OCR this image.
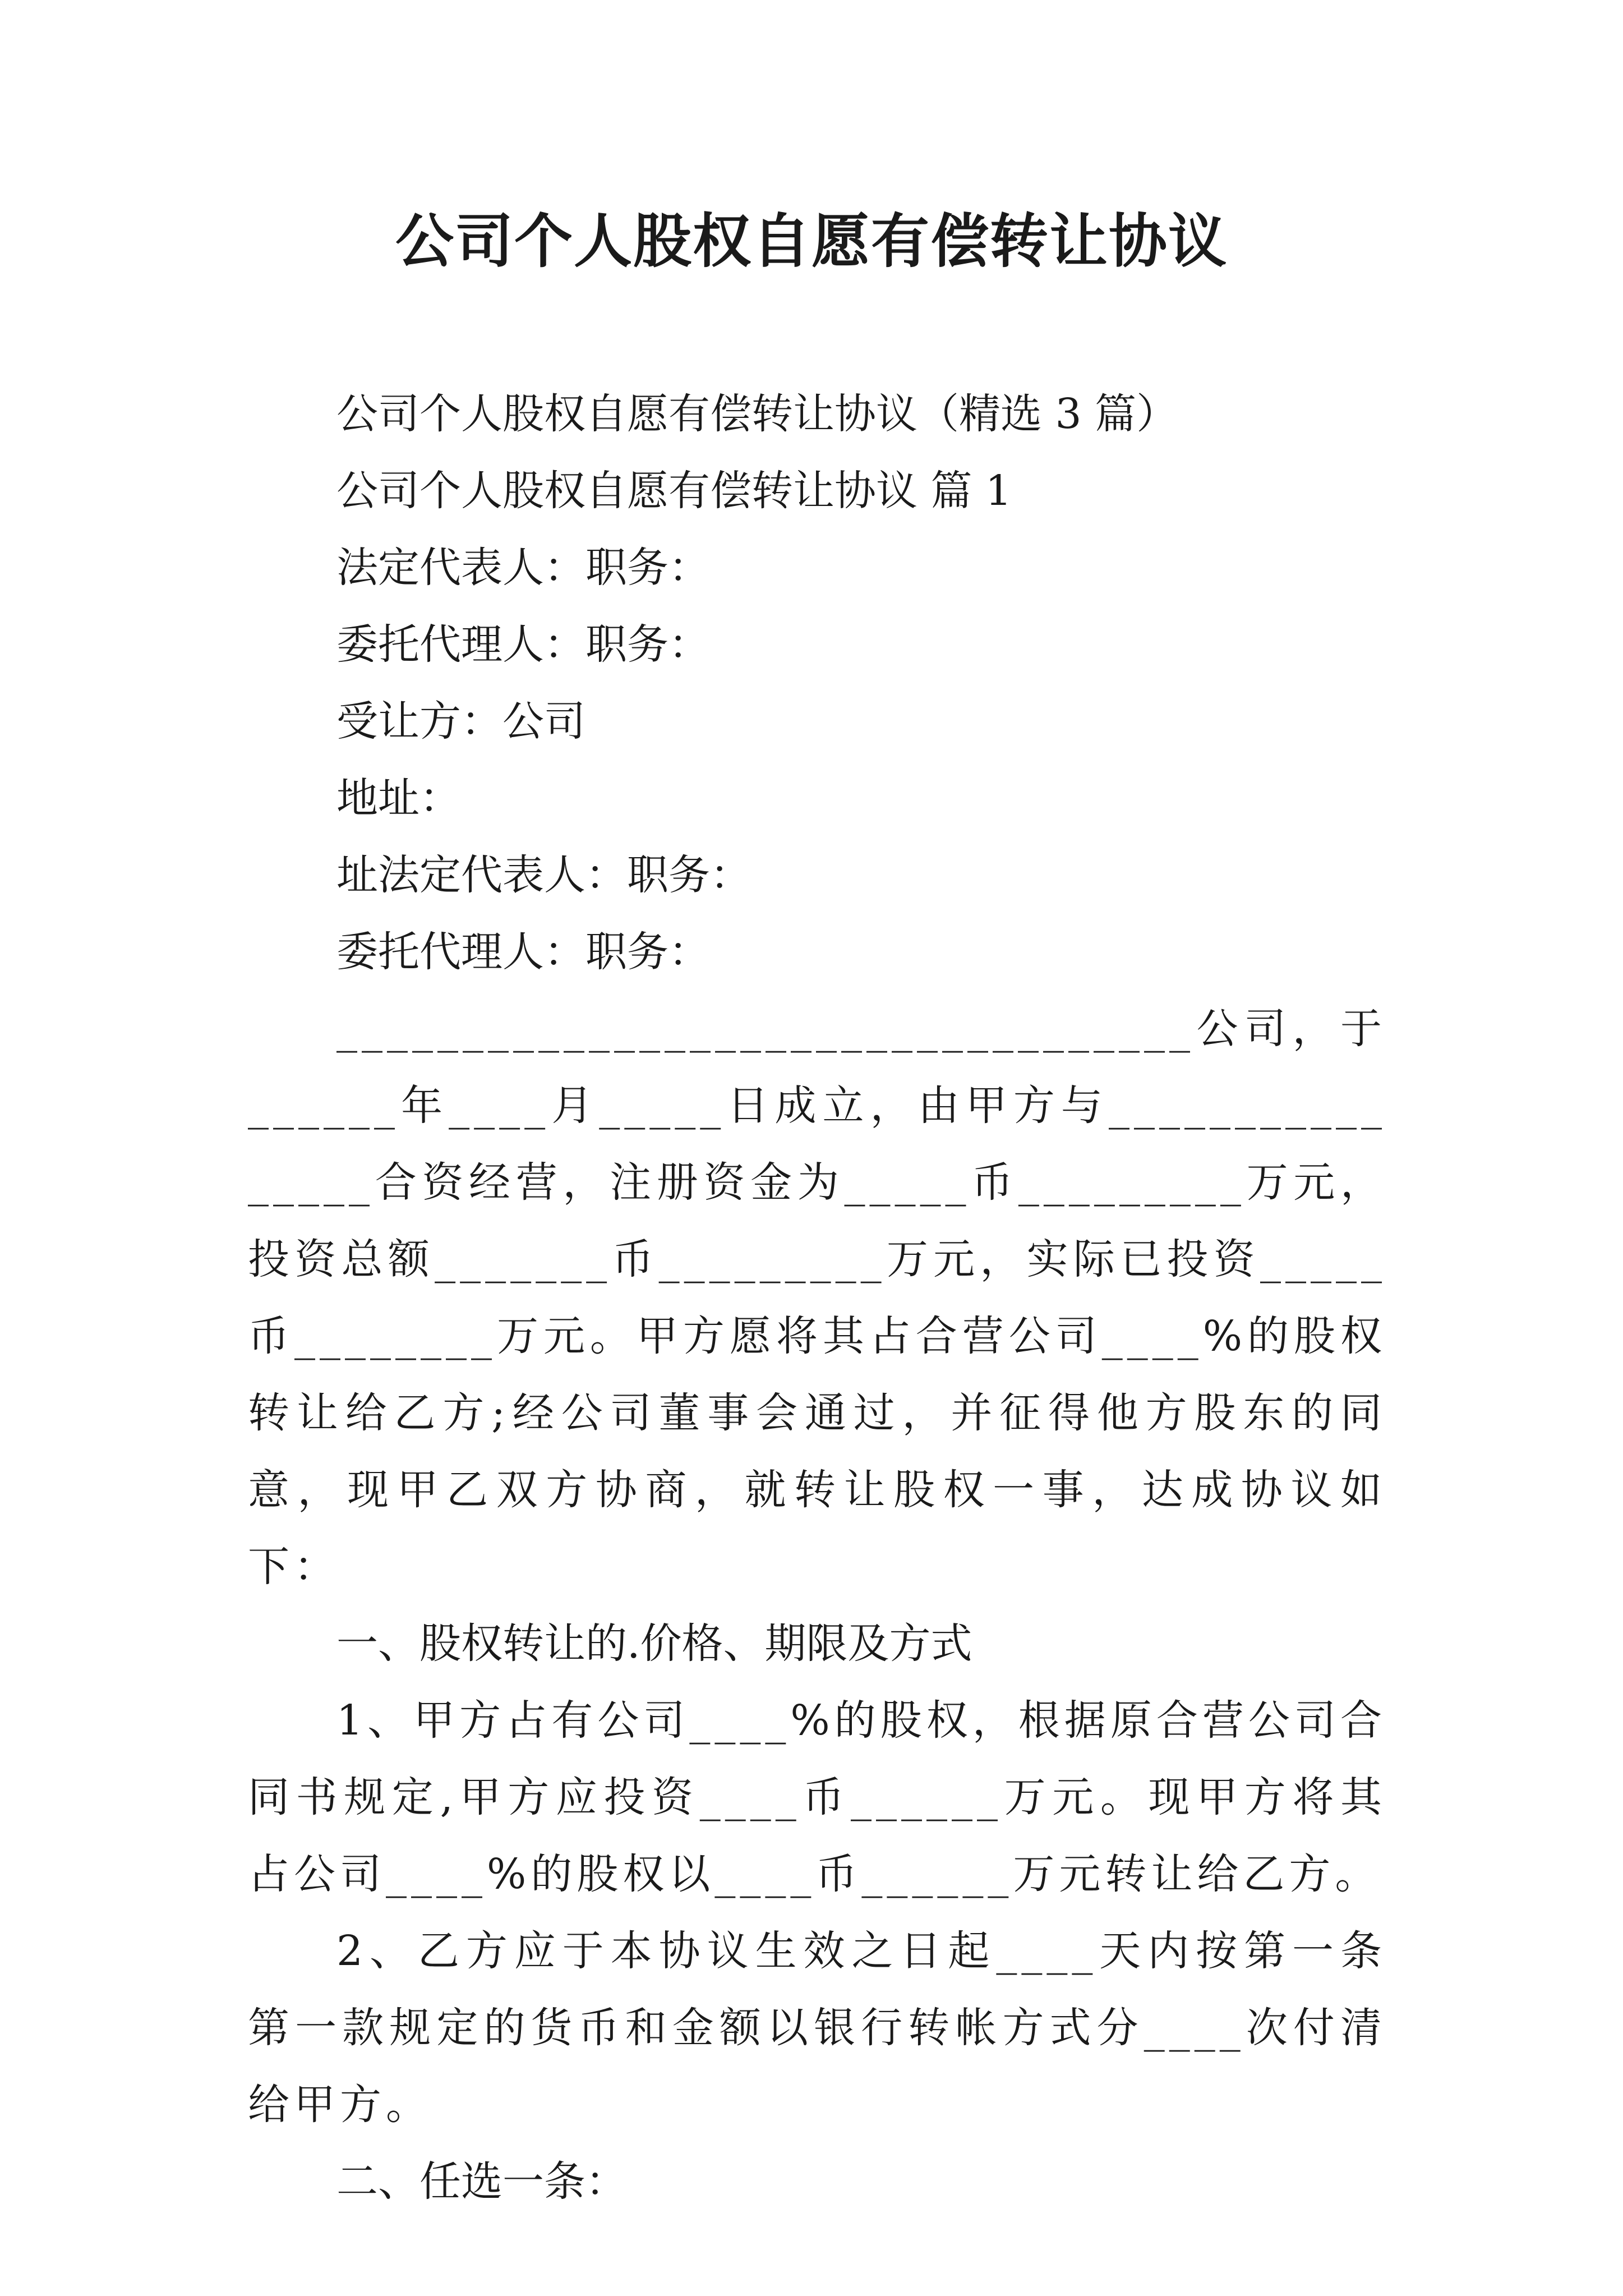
公司个人股权自愿有偿转让协议
公司个人股权自愿有偿转让协议（精选 3 篇）
公司个人股权自愿有偿转让协议 篇 1
法定代表人：职务：
委托代理人：职务：
受让方：公司
地址：
址法定代表人：职务：
委托代理人：职务：

__________________________________公司，于______年____月_____日成立，由甲方与________________合资经营，注册资金为_____币_________万元，投资总额_______币_________万元，实际已投资_____币________万元。甲方愿将其占合营公司____%的股权转让给乙方;经公司董事会通过，并征得他方股东的同意，现甲乙双方协商，就转让股权一事，达成协议如下：

一、股权转让的.价格、期限及方式

1、甲方占有公司____%的股权，根据原合营公司合同书规定,甲方应投资____币______万元。现甲方将其占公司____%的股权以____币______万元转让给乙方。

2、乙方应于本协议生效之日起____天内按第一条第一款规定的货币和金额以银行转帐方式分____次付清给甲方。

二、任选一条：
